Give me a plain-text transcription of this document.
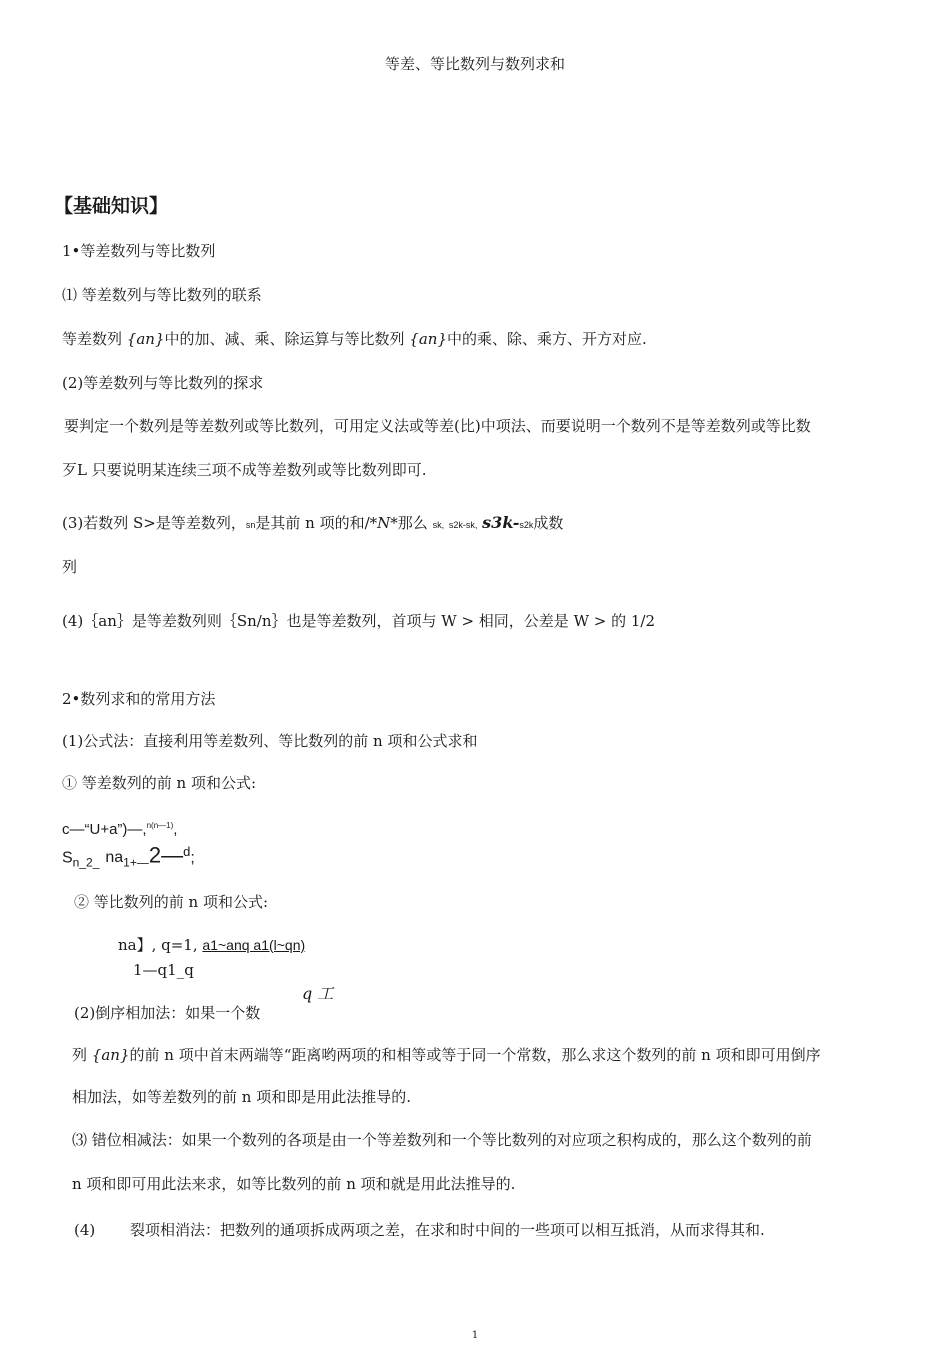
等差、等比数列与数列求和
【基础知识】
1•等差数列与等比数列
⑴ 等差数列与等比数列的联系
等差数列 {an}中的加、减、乘、除运算与等比数列 {an}中的乘、除、乘方、开方对应.
(2)等差数列与等比数列的探求
要判定一个数列是等差数列或等比数列，可用定义法或等差(比)中项法、而要说明一个数列不是等差数列或等比数
歹L 只要说明某连续三项不成等差数列或等比数列即可.
(3)若数列 S>是等差数列，sn是其前 n 项的和/*N*那么 sk, s2k-sk, s3k-s2k成数
列
(4)｛an｝是等差数列则｛Sn/n｝也是等差数列，首项与 W > 相同，公差是 W > 的 1/2
2•数列求和的常用方法
(1)公式法：直接利用等差数列、等比数列的前 n 项和公式求和
① 等差数列的前 n 项和公式:
c—“U+a”)—,$^{n(n—1)}$,
$S_{n\_2\_}$ $na_{1+—}2—^d$;
② 等比数列的前 n 项和公式:
na】, q=1, a1~anq a1(l~qn)
1—q1_q
q 工
(2)倒序相加法：如果一个数
列 {an}的前 n 项中首末两端等“距离哟两项的和相等或等于同一个常数，那么求这个数列的前 n 项和即可用倒序
相加法，如等差数列的前 n 项和即是用此法推导的.
⑶ 错位相减法：如果一个数列的各项是由一个等差数列和一个等比数列的对应项之积构成的，那么这个数列的前
n 项和即可用此法来求，如等比数列的前 n 项和就是用此法推导的.
(4) 裂项相消法：把数列的通项拆成两项之差，在求和时中间的一些项可以相互抵消，从而求得其和.
1
